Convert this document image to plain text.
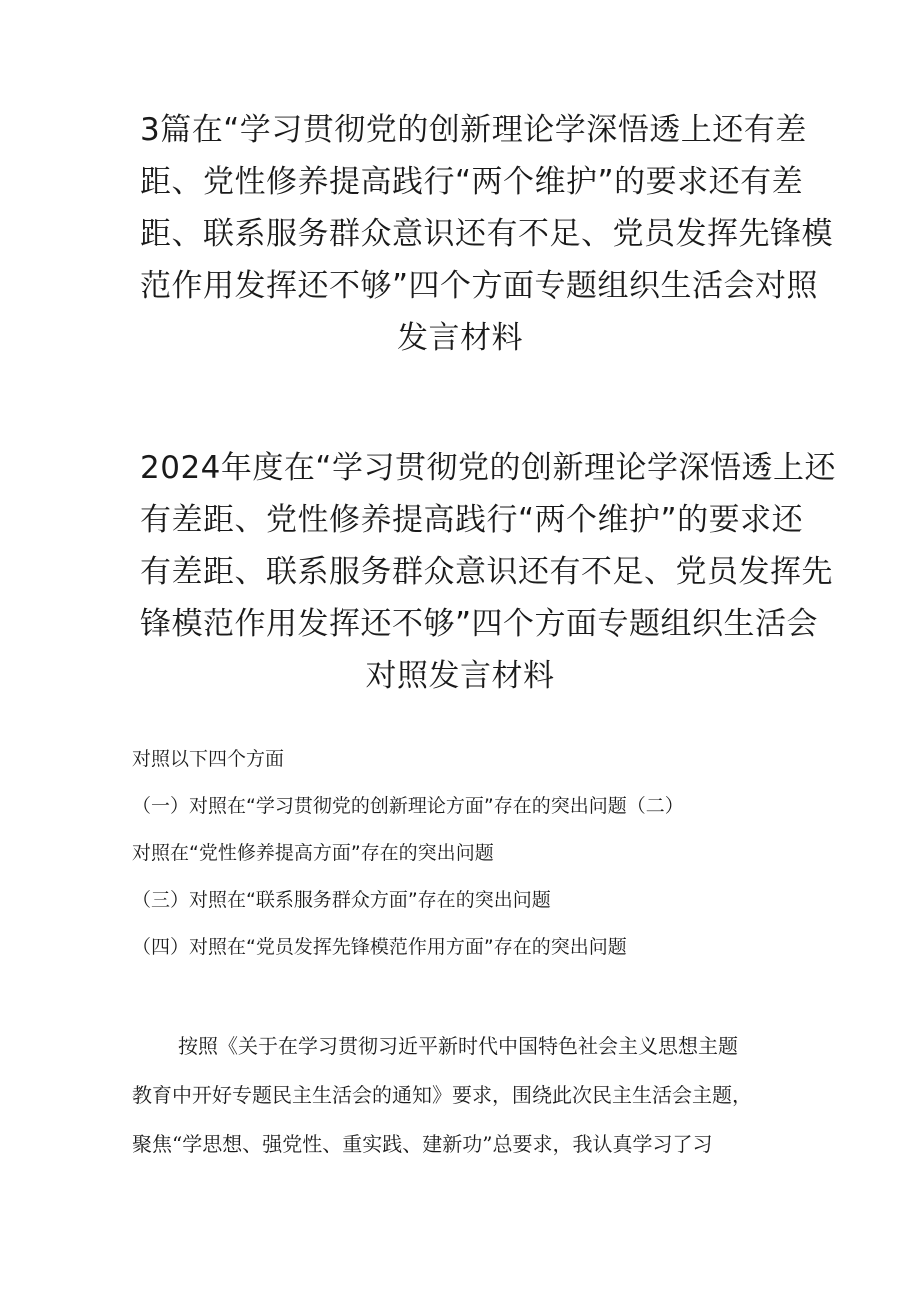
3篇在“学习贯彻党的创新理论学深悟透上还有差
距、党性修养提高践行“两个维护”的要求还有差
距、联系服务群众意识还有不足、党员发挥先锋模
范作用发挥还不够”四个方面专题组织生活会对照
发言材料
2024年度在“学习贯彻党的创新理论学深悟透上还
有差距、党性修养提高践行“两个维护”的要求还
有差距、联系服务群众意识还有不足、党员发挥先
锋模范作用发挥还不够”四个方面专题组织生活会
对照发言材料
对照以下四个方面
（一）对照在“学习贯彻党的创新理论方面”存在的突出问题（二）
对照在“党性修养提高方面”存在的突出问题
（三）对照在“联系服务群众方面”存在的突出问题
（四）对照在“党员发挥先锋模范作用方面”存在的突出问题

按照《关于在学习贯彻习近平新时代中国特色社会主义思想主题
教育中开好专题民主生活会的通知》要求，围绕此次民主生活会主题，
聚焦“学思想、强党性、重实践、建新功”总要求，我认真学习了习
